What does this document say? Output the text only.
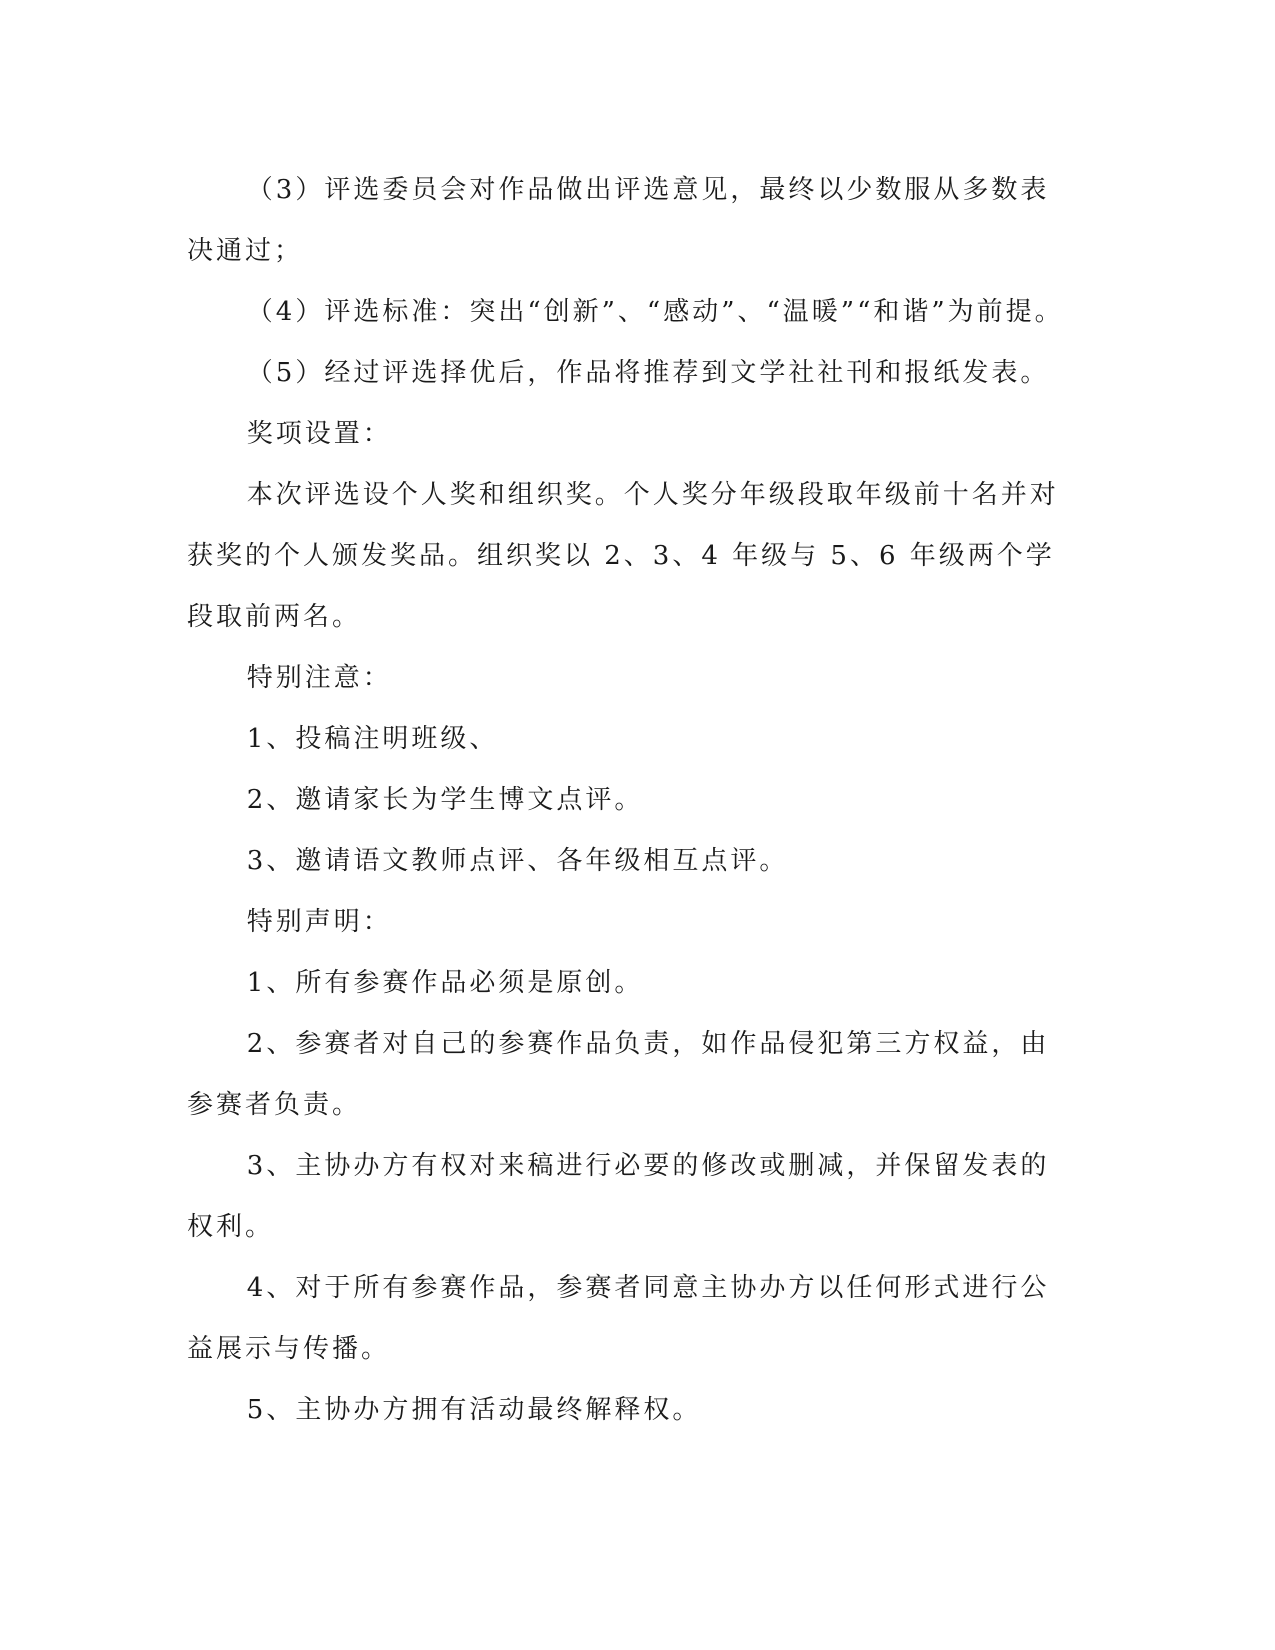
（3）评选委员会对作品做出评选意见，最终以少数服从多数表决通过；

（4）评选标准：突出“创新”、“感动”、“温暖”“和谐”为前提。

（5）经过评选择优后，作品将推荐到文学社社刊和报纸发表。

奖项设置：

本次评选设个人奖和组织奖。个人奖分年级段取年级前十名并对获奖的个人颁发奖品。组织奖以 2、3、4 年级与 5、6 年级两个学段取前两名。

特别注意：

1、投稿注明班级、

2、邀请家长为学生博文点评。

3、邀请语文教师点评、各年级相互点评。

特别声明：

1、所有参赛作品必须是原创。

2、参赛者对自己的参赛作品负责，如作品侵犯第三方权益，由参赛者负责。

3、主协办方有权对来稿进行必要的修改或删减，并保留发表的权利。

4、对于所有参赛作品，参赛者同意主协办方以任何形式进行公益展示与传播。

5、主协办方拥有活动最终解释权。
